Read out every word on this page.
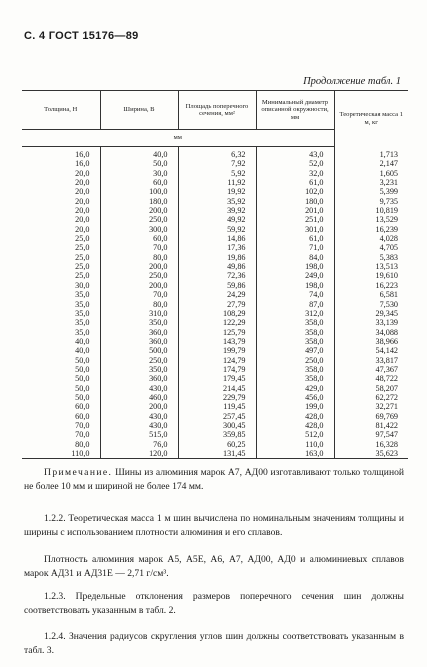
С. 4 ГОСТ 15176—89
Продолжение табл. 1
Толщина, H	Ширина, B	Площадь поперечного сечения, мм²	Минимальный диаметр описанной окружности, мм	Теоретическая масса 1 м, кг
мм				
16,0	40,0	6,32	43,0	1,713
16,0	50,0	7,92	52,0	2,147
20,0	30,0	5,92	32,0	1,605
20,0	60,0	11,92	61,0	3,231
20,0	100,0	19,92	102,0	5,399
20,0	180,0	35,92	180,0	9,735
20,0	200,0	39,92	201,0	10,819
20,0	250,0	49,92	251,0	13,529
20,0	300,0	59,92	301,0	16,239
25,0	60,0	14,86	61,0	4,028
25,0	70,0	17,36	71,0	4,705
25,0	80,0	19,86	84,0	5,383
25,0	200,0	49,86	198,0	13,513
25,0	250,0	72,36	249,0	19,610
30,0	200,0	59,86	198,0	16,223
35,0	70,0	24,29	74,0	6,581
35,0	80,0	27,79	87,0	7,530
35,0	310,0	108,29	312,0	29,345
35,0	350,0	122,29	358,0	33,139
35,0	360,0	125,79	358,0	34,088
40,0	360,0	143,79	358,0	38,966
40,0	500,0	199,79	497,0	54,142
50,0	250,0	124,79	250,0	33,817
50,0	350,0	174,79	358,0	47,367
50,0	360,0	179,45	358,0	48,722
50,0	430,0	214,45	429,0	58,207
50,0	460,0	229,79	456,0	62,272
60,0	200,0	119,45	199,0	32,271
60,0	430,0	257,45	428,0	69,769
70,0	430,0	300,45	428,0	81,422
70,0	515,0	359,85	512,0	97,547
80,0	76,0	60,25	110,0	16,328
110,0	120,0	131,45	163,0	35,623

Примечание. Шины из алюминия марок А7, АД00 изготавливают только толщиной не более 10 мм и шириной не более 174 мм.
1.2.2. Теоретическая масса 1 м шин вычислена по номинальным значениям толщины и ширины с использованием плотности алюминия и его сплавов.
Плотность алюминия марок А5, А5Е, А6, А7, АД00, АД0 и алюминиевых сплавов марок АД31 и АД31Е — 2,71 г/см³.
1.2.3. Предельные отклонения размеров поперечного сечения шин должны соответствовать указанным в табл. 2.
1.2.4. Значения радиусов скругления углов шин должны соответствовать указанным в табл. 3.
